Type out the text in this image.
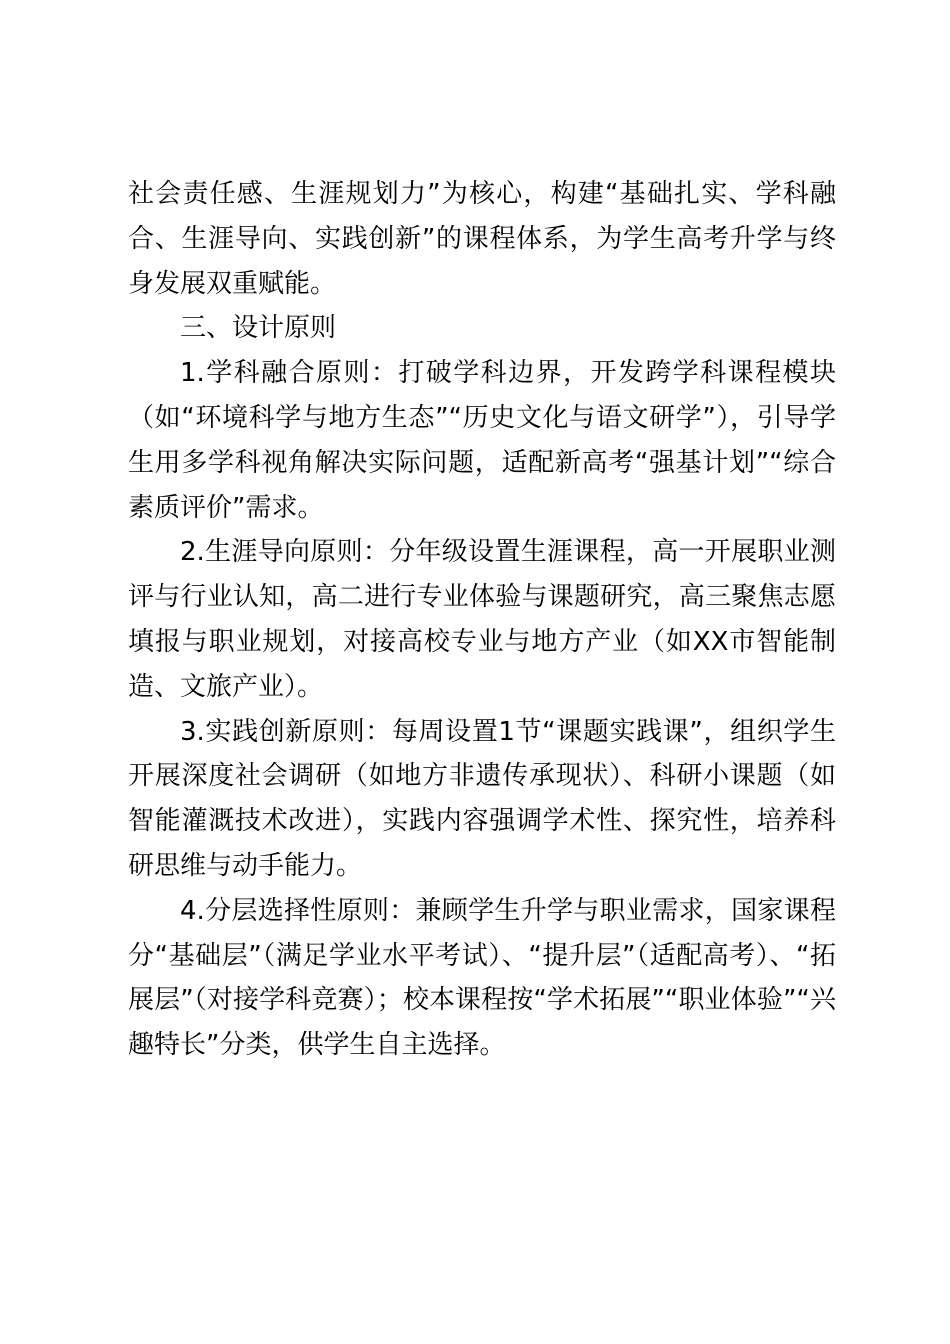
社会责任感、生涯规划力”为核心，构建“基础扎实、学科融合、生涯导向、实践创新”的课程体系，为学生高考升学与终身发展双重赋能。

三、设计原则

1.学科融合原则：打破学科边界，开发跨学科课程模块（如“环境科学与地方生态”“历史文化与语文研学”），引导学生用多学科视角解决实际问题，适配新高考“强基计划”“综合素质评价”需求。

2.生涯导向原则：分年级设置生涯课程，高一开展职业测评与行业认知，高二进行专业体验与课题研究，高三聚焦志愿填报与职业规划，对接高校专业与地方产业（如XX市智能制造、文旅产业）。

3.实践创新原则：每周设置1节“课题实践课”，组织学生开展深度社会调研（如地方非遗传承现状）、科研小课题（如智能灌溉技术改进），实践内容强调学术性、探究性，培养科研思维与动手能力。

4.分层选择性原则：兼顾学生升学与职业需求，国家课程分“基础层”（满足学业水平考试）、“提升层”（适配高考）、“拓展层”（对接学科竞赛）；校本课程按“学术拓展”“职业体验”“兴趣特长”分类，供学生自主选择。
